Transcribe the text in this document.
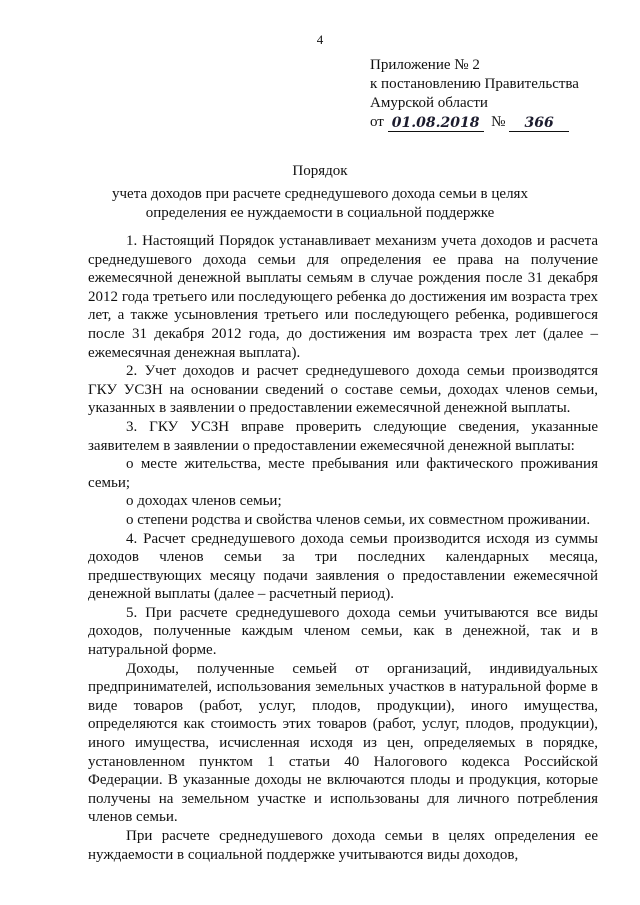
4
Приложение № 2
к постановлению Правительства
Амурской области
от
01.08.2018
№
	366
Порядок
учета доходов при расчете среднедушевого дохода семьи в целях
определения ее нуждаемости в социальной поддержке

1. Настоящий Порядок устанавливает механизм учета доходов и расчета среднедушевого дохода семьи для определения ее права на получение ежемесячной денежной выплаты семьям в случае рождения после 31 декабря 2012 года третьего или последующего ребенка до достижения им возраста трех лет, а также усыновления третьего или последующего ребенка, родившегося после 31 декабря 2012 года, до достижения им возраста трех лет (далее – ежемесячная денежная выплата).

2. Учет доходов и расчет среднедушевого дохода семьи производятся ГКУ УСЗН на основании сведений о составе семьи, доходах членов семьи, указанных в заявлении о предоставлении ежемесячной денежной выплаты.

3. ГКУ УСЗН вправе проверить следующие сведения, указанные заявителем в заявлении о предоставлении ежемесячной денежной выплаты:

о месте жительства, месте пребывания или фактического проживания семьи;

о доходах членов семьи;

о степени родства и свойства членов семьи, их совместном проживании.

4. Расчет среднедушевого дохода семьи производится исходя из суммы доходов членов семьи за три последних календарных месяца, предшествующих месяцу подачи заявления о предоставлении ежемесячной денежной выплаты (далее – расчетный период).

5. При расчете среднедушевого дохода семьи учитываются все виды доходов, полученные каждым членом семьи, как в денежной, так и в натуральной форме.

Доходы, полученные семьей от организаций, индивидуальных предпринимателей, использования земельных участков в натуральной форме в виде товаров (работ, услуг, плодов, продукции), иного имущества, определяются как стоимость этих товаров (работ, услуг, плодов, продукции), иного имущества, исчисленная исходя из цен, определяемых в порядке, установленном пунктом 1 статьи 40 Налогового кодекса Российской Федерации. В указанные доходы не включаются плоды и продукция, которые получены на земельном участке и использованы для личного потребления членов семьи.

При расчете среднедушевого дохода семьи в целях определения ее нуждаемости в социальной поддержке учитываются виды доходов,
